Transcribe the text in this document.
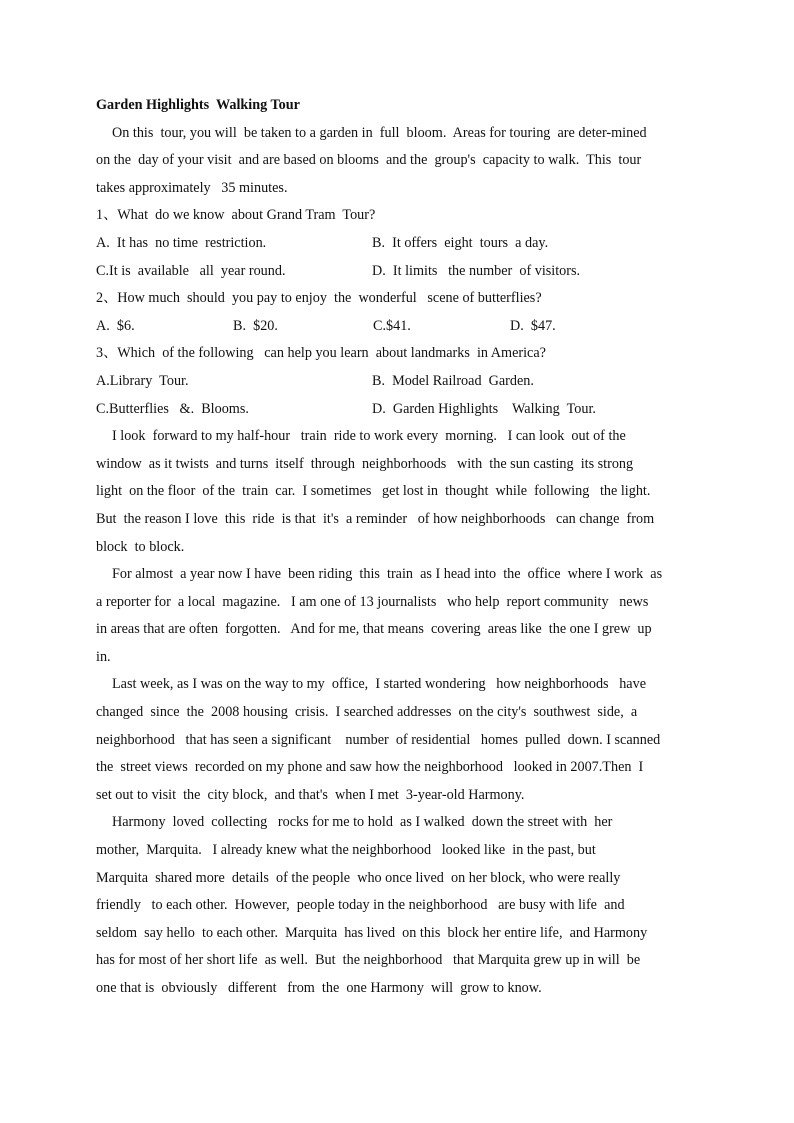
Garden Highlights  Walking Tour
On this  tour, you will  be taken to a garden in  full  bloom.  Areas for touring  are deter-mined
on the  day of your visit  and are based on blooms  and the  group's  capacity to walk.  This  tour
takes approximately   35 minutes.
1、What  do we know  about Grand Tram  Tour?

A.  It has  no time  restriction.

	B.  It offers  eight  tours  a day.

C.It is  available   all  year round.

	D.  It limits   the number  of visitors.

2、How much  should  you pay to enjoy  the  wonderful   scene of butterflies?

A.  $6.

	B.  $20.

	C.$41.

	D.  $47.

3、Which  of the following   can help you learn  about landmarks  in America?

A.Library  Tour.

	B.  Model Railroad  Garden.

C.Butterflies   &.  Blooms.

	D.  Garden Highlights    Walking  Tour.

I look  forward to my half-hour   train  ride to work every  morning.   I can look  out of the
window  as it twists  and turns  itself  through  neighborhoods   with  the sun casting  its strong
light  on the floor  of the  train  car.  I sometimes   get lost in  thought  while  following   the light.
But  the reason I love  this  ride  is that  it's  a reminder   of how neighborhoods   can change  from
block  to block.
For almost  a year now I have  been riding  this  train  as I head into  the  office  where I work  as
a reporter for  a local  magazine.   I am one of 13 journalists   who help  report community   news
in areas that are often  forgotten.   And for me, that means  covering  areas like  the one I grew  up
in.
Last week, as I was on the way to my  office,  I started wondering   how neighborhoods   have
changed  since  the  2008 housing  crisis.  I searched addresses  on the city's  southwest  side,  a
neighborhood   that has seen a significant    number  of residential   homes  pulled  down. I scanned
the  street views  recorded on my phone and saw how the neighborhood   looked in 2007.Then  I
set out to visit  the  city block,  and that's  when I met  3-year-old Harmony.
Harmony  loved  collecting   rocks for me to hold  as I walked  down the street with  her
mother,  Marquita.   I already knew what the neighborhood   looked like  in the past, but
Marquita  shared more  details  of the people  who once lived  on her block, who were really
friendly   to each other.  However,  people today in the neighborhood   are busy with life  and
seldom  say hello  to each other.  Marquita  has lived  on this  block her entire life,  and Harmony
has for most of her short life  as well.  But  the neighborhood   that Marquita grew up in will  be
one that is  obviously   different   from  the  one Harmony  will  grow to know.
